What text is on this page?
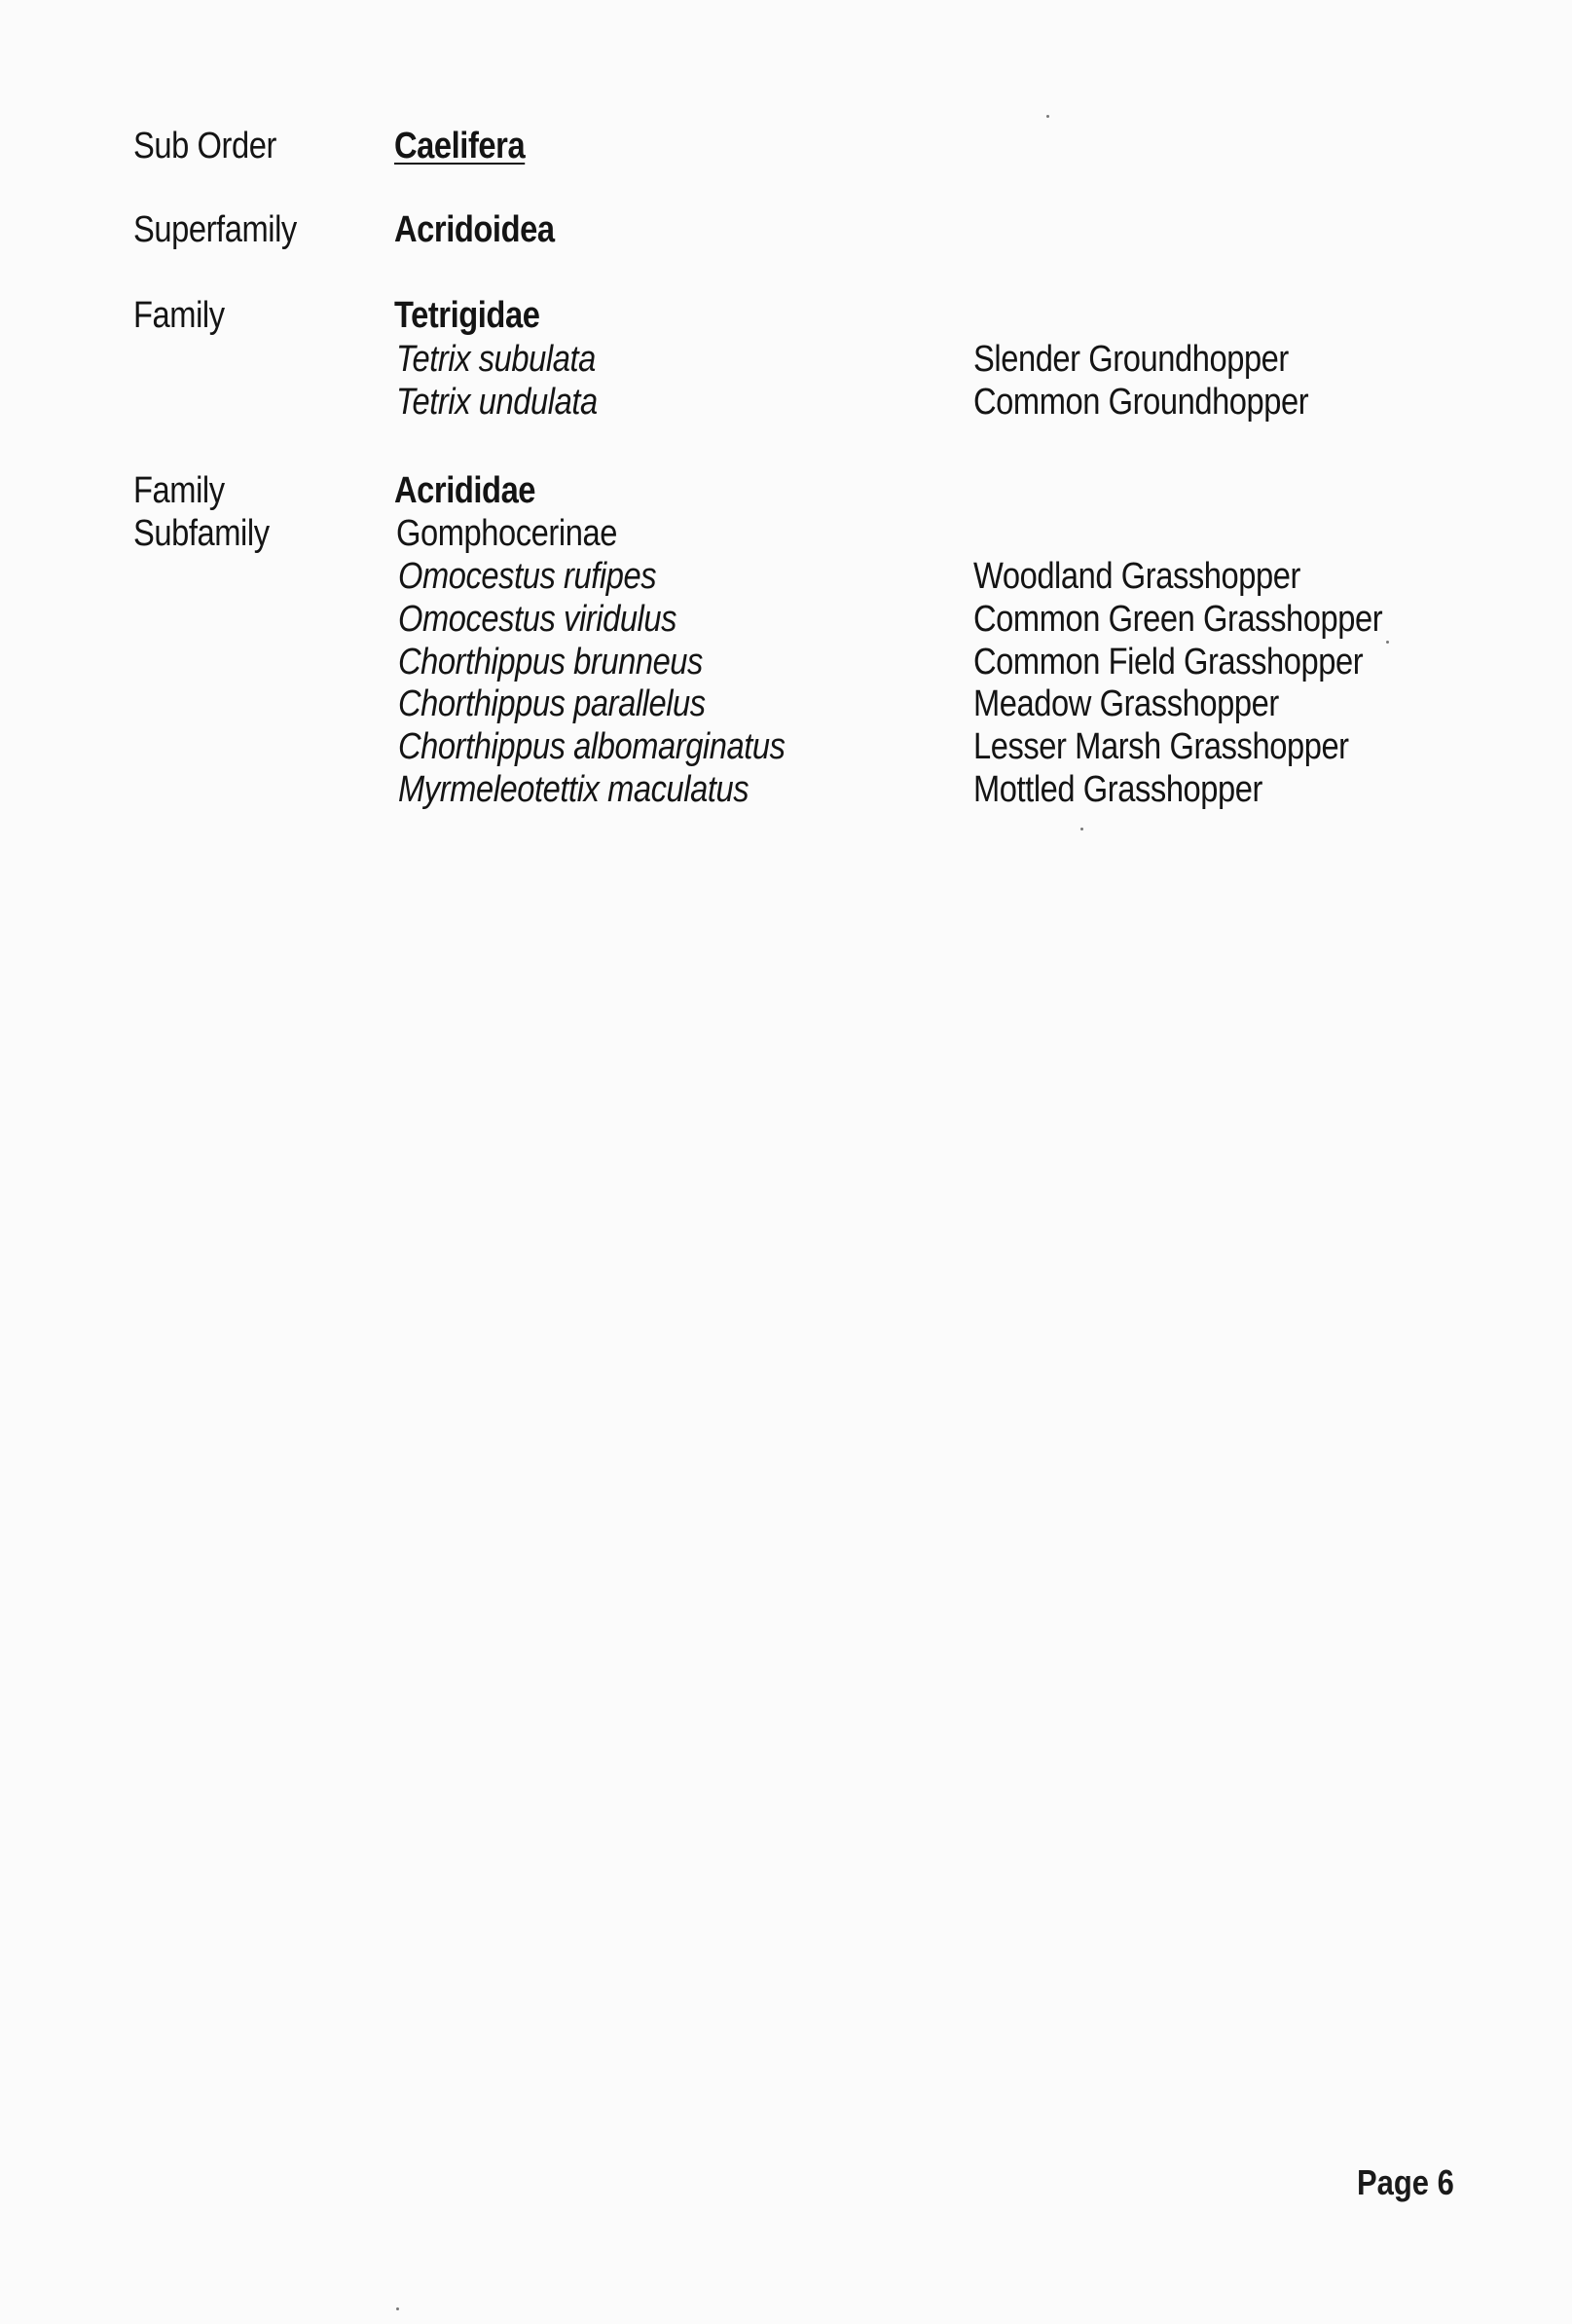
Sub Order
Superfamily
Family
Family
Subfamily
Caelifera
Acridoidea
Tetrigidae
Tetrix subulata
Tetrix undulata
Slender Groundhopper
Common Groundhopper
Acrididae
Gomphocerinae
Omocestus rufipes
Omocestus viridulus
Chorthippus brunneus
Chorthippus parallelus
Chorthippus albomarginatus
Myrmeleotettix maculatus
Woodland Grasshopper
Common Green Grasshopper
Common Field Grasshopper
Meadow Grasshopper
Lesser Marsh Grasshopper
Mottled Grasshopper
Page 6
